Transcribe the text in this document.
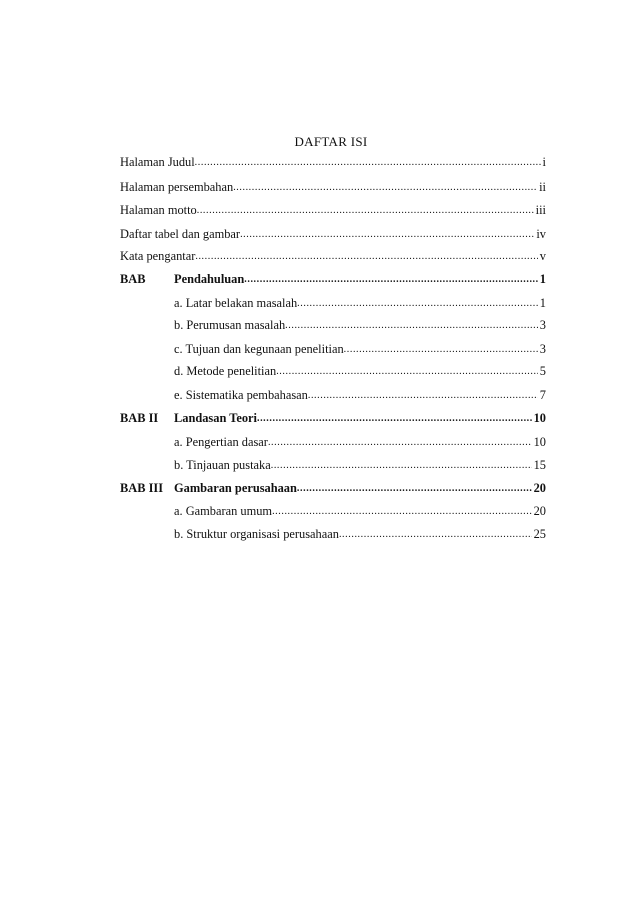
DAFTAR ISI
Halaman Judul .....	i
Halaman persembahan .....	ii
Halaman motto .....	iii
Daftar tabel dan gambar .....	iv
Kata pengantar .....	v
BAB Pendahuluan .....	1
a. Latar belakan masalah .....	1
b. Perumusan masalah .....	3
c. Tujuan dan kegunaan penelitian .....	3
d. Metode penelitian .....	5
e. Sistematika pembahasan .....	7
BAB II Landasan Teori .....	10
a. Pengertian dasar .....	10
b. Tinjauan pustaka .....	15
BAB III Gambaran perusahaan .....	20
a. Gambaran umum .....	20
b. Struktur organisasi perusahaan .....	25
